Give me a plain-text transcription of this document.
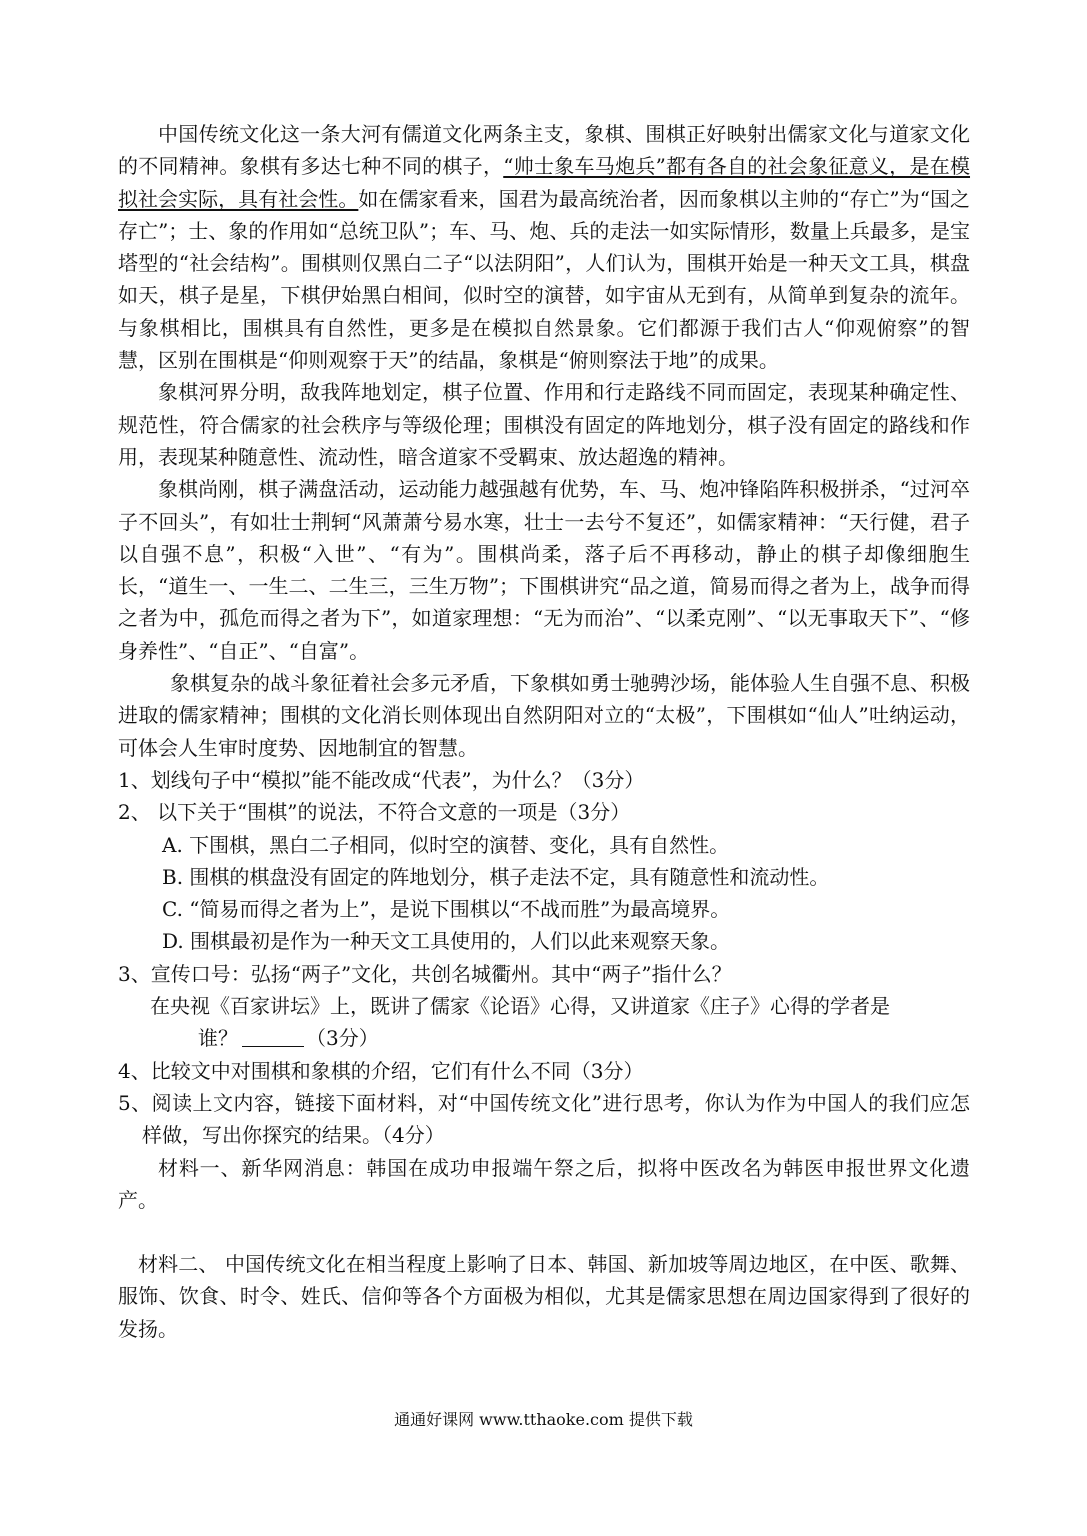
中国传统文化这一条大河有儒道文化两条主支，象棋、围棋正好映射出儒家文化与道家文化的不同精神。象棋有多达七种不同的棋子，“帅士象车马炮兵”都有各自的社会象征意义，是在模拟社会实际，具有社会性。如在儒家看来，国君为最高统治者，因而象棋以主帅的“存亡”为“国之存亡”；士、象的作用如“总统卫队”；车、马、炮、兵的走法一如实际情形，数量上兵最多，是宝塔型的“社会结构”。围棋则仅黑白二子“以法阴阳”，人们认为，围棋开始是一种天文工具，棋盘如天，棋子是星，下棋伊始黑白相间，似时空的演替，如宇宙从无到有，从简单到复杂的流年。与象棋相比，围棋具有自然性，更多是在模拟自然景象。它们都源于我们古人“仰观俯察”的智慧，区别在围棋是“仰则观察于天”的结晶，象棋是“俯则察法于地”的成果。

象棋河界分明，敌我阵地划定，棋子位置、作用和行走路线不同而固定，表现某种确定性、规范性，符合儒家的社会秩序与等级伦理；围棋没有固定的阵地划分，棋子没有固定的路线和作用，表现某种随意性、流动性，暗含道家不受羁束、放达超逸的精神。

象棋尚刚，棋子满盘活动，运动能力越强越有优势，车、马、炮冲锋陷阵积极拼杀，“过河卒子不回头”，有如壮士荆轲“风萧萧兮易水寒，壮士一去兮不复还”，如儒家精神：“天行健，君子以自强不息”，积极“入世”、“有为”。围棋尚柔，落子后不再移动，静止的棋子却像细胞生长，“道生一、一生二、二生三，三生万物”；下围棋讲究“品之道，简易而得之者为上，战争而得之者为中，孤危而得之者为下”，如道家理想：“无为而治”、“以柔克刚”、“以无事取天下”、“修身养性”、“自正”、“自富”。

象棋复杂的战斗象征着社会多元矛盾，下象棋如勇士驰骋沙场，能体验人生自强不息、积极进取的儒家精神；围棋的文化消长则体现出自然阴阳对立的“太极”，下围棋如“仙人”吐纳运动，可体会人生审时度势、因地制宜的智慧。

1、划线句子中“模拟”能不能改成“代表”，为什么？（3分）

2、 以下关于“围棋”的说法，不符合文意的一项是（3分）

A. 下围棋，黑白二子相同，似时空的演替、变化，具有自然性。

B. 围棋的棋盘没有固定的阵地划分，棋子走法不定，具有随意性和流动性。

C. “简易而得之者为上”，是说下围棋以“不战而胜”为最高境界。

D. 围棋最初是作为一种天文工具使用的，人们以此来观察天象。

3、宣传口号：弘扬“两子”文化，共创名城衢州。其中“两子”指什么？

在央视《百家讲坛》上，既讲了儒家《论语》心得，又讲道家《庄子》心得的学者是

谁？	（3分）

4、比较文中对围棋和象棋的介绍，它们有什么不同（3分）

5、阅读上文内容，链接下面材料，对“中国传统文化”进行思考，你认为作为中国人的我们应怎样做，写出你探究的结果。（4分）

材料一、新华网消息：韩国在成功申报端午祭之后，拟将中医改名为韩医申报世界文化遗产。

材料二、 中国传统文化在相当程度上影响了日本、韩国、新加坡等周边地区，在中医、歌舞、服饰、饮食、时令、姓氏、信仰等各个方面极为相似，尤其是儒家思想在周边国家得到了很好的发扬。

通通好课网 www.tthaoke.com 提供下载
